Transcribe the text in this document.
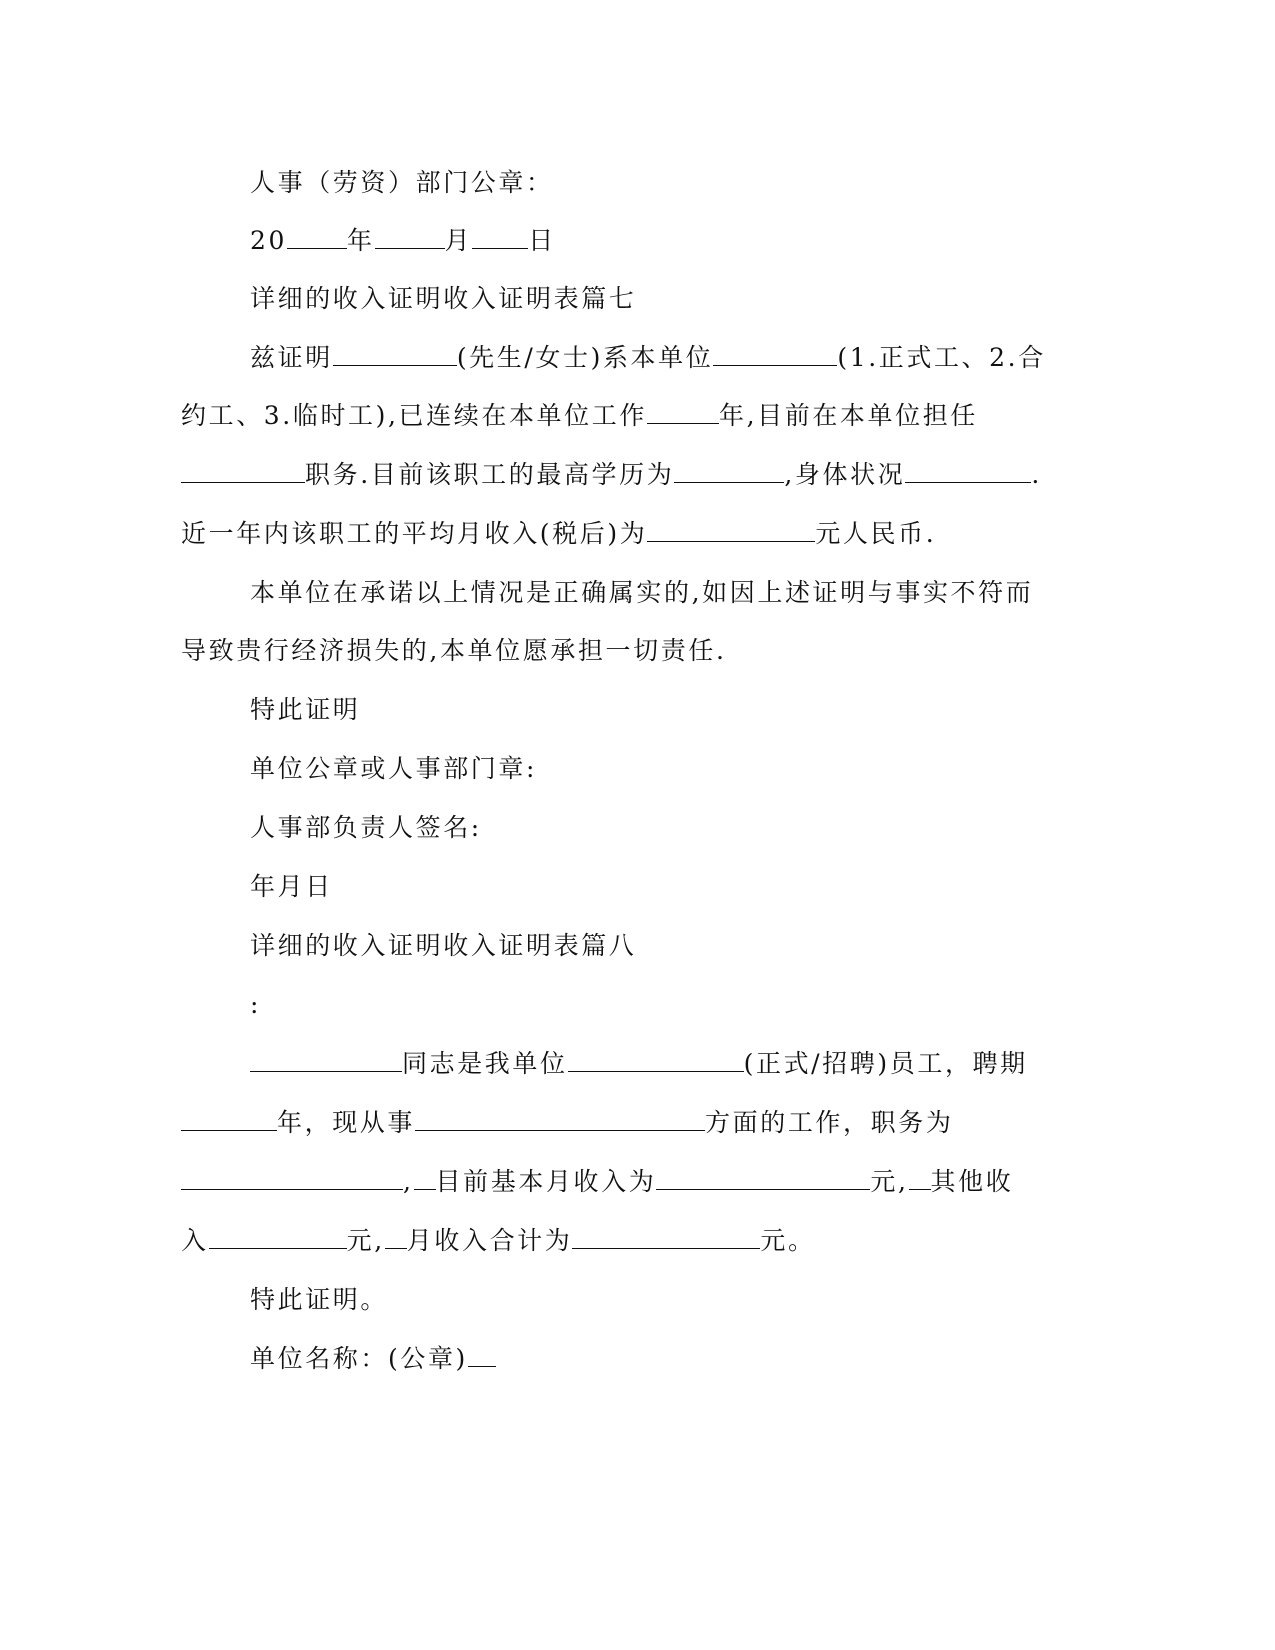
人事（劳资）部门公章：
20 年	月 日
详细的收入证明收入证明表篇七
兹证明	(先生/女士)系本单位	(1.正式工、2.合
约工、3.临时工),已连续在本单位工作	年,目前在本单位担任
职务.目前该职工的最高学历为	,身体状况	.
近一年内该职工的平均月收入(税后)为	元人民币.
本单位在承诺以上情况是正确属实的,如因上述证明与事实不符而
导致贵行经济损失的,本单位愿承担一切责任.
特此证明
单位公章或人事部门章:
人事部负责人签名:
年月日
详细的收入证明收入证明表篇八
:
同志是我单位	(正式/招聘)员工，聘期
年，现从事	方面的工作，职务为
, 目前基本月收入为	元, 其他收
入	元, 月收入合计为	元。
特此证明。
单位名称：(公章)
